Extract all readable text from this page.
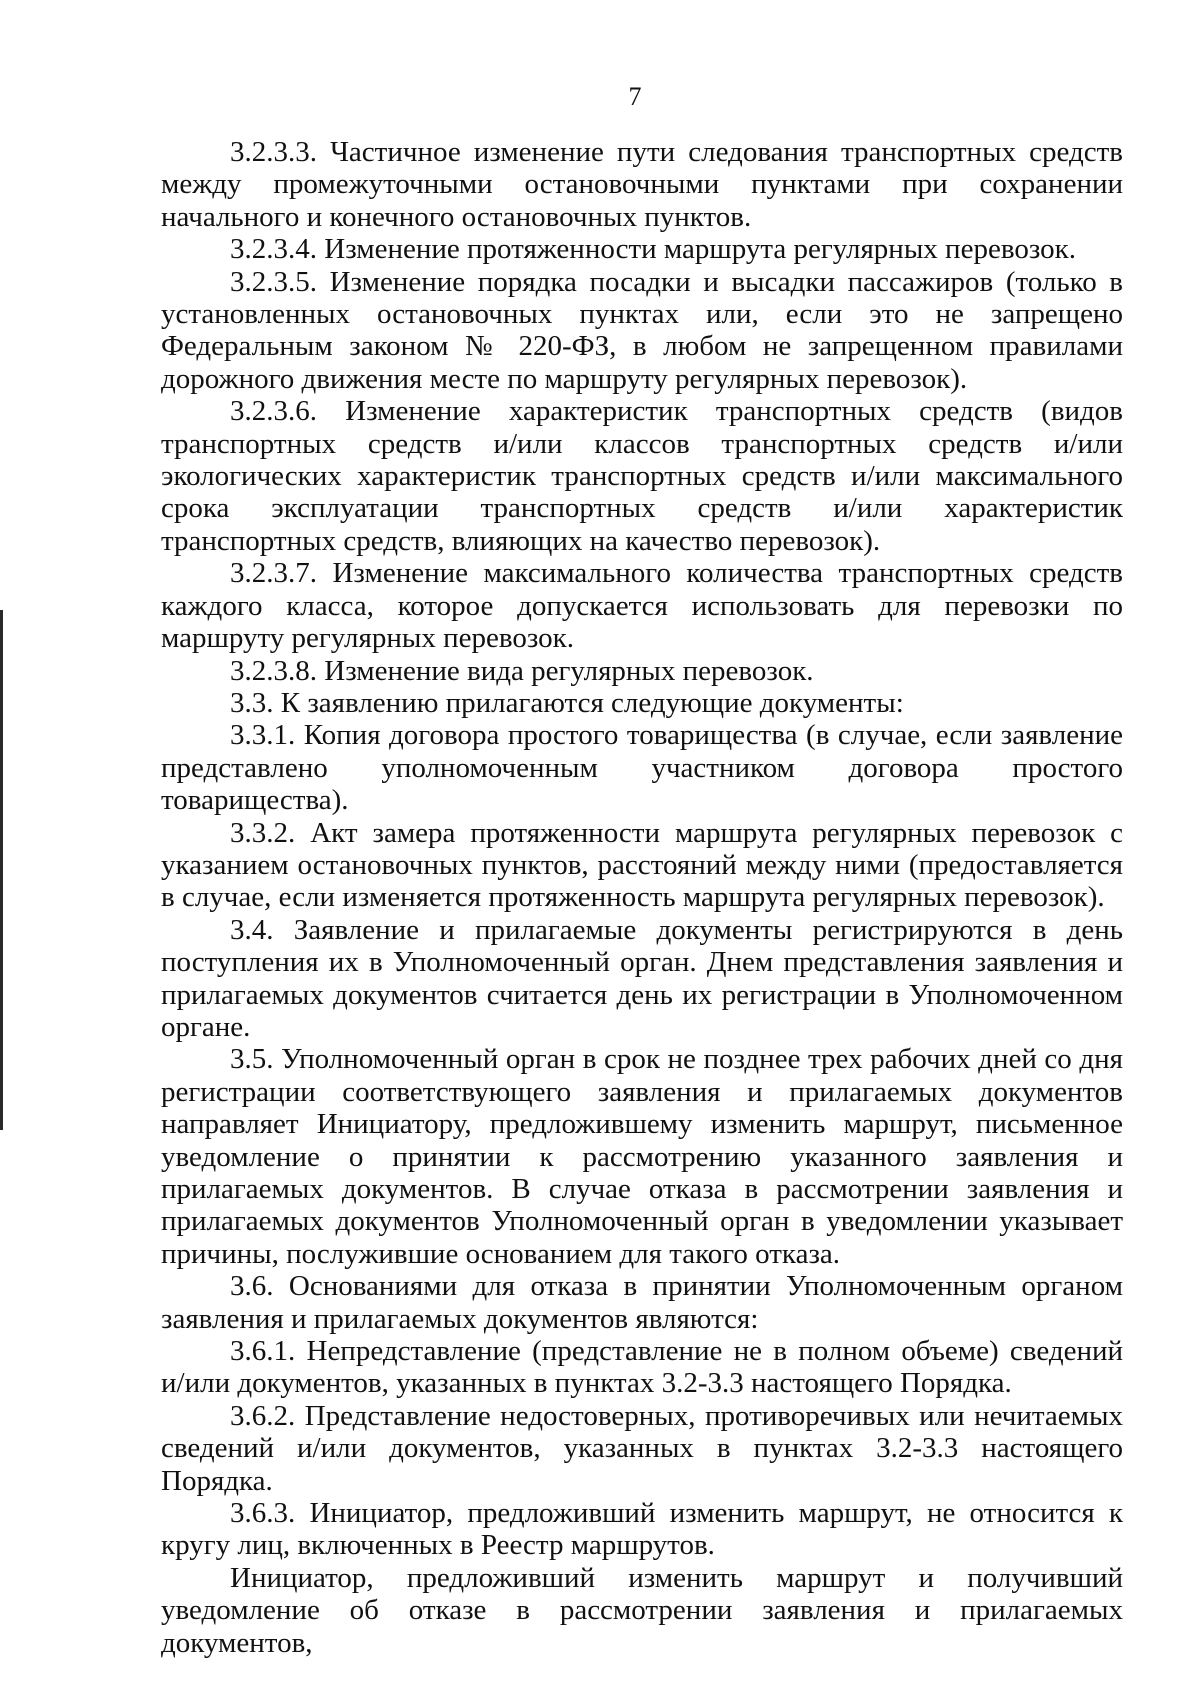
7

3.2.3.3. Частичное изменение пути следования транспортных средств между промежуточными остановочными пунктами при сохранении начального и конечного остановочных пунктов.

3.2.3.4. Изменение протяженности маршрута регулярных перевозок.

3.2.3.5. Изменение порядка посадки и высадки пассажиров (только в установленных остановочных пунктах или, если это не запрещено Федеральным законом № 220-ФЗ, в любом не запрещенном правилами дорожного движения месте по маршруту регулярных перевозок).

3.2.3.6. Изменение характеристик транспортных средств (видов транспортных средств и/или классов транспортных средств и/или экологических характеристик транспортных средств и/или максимального срока эксплуатации транспортных средств и/или характеристик транспортных средств, влияющих на качество перевозок).

3.2.3.7. Изменение максимального количества транспортных средств каждого класса, которое допускается использовать для перевозки по маршруту регулярных перевозок.

3.2.3.8. Изменение вида регулярных перевозок.

3.3. К заявлению прилагаются следующие документы:

3.3.1. Копия договора простого товарищества (в случае, если заявление представлено уполномоченным участником договора простого товарищества).

3.3.2. Акт замера протяженности маршрута регулярных перевозок с указанием остановочных пунктов, расстояний между ними (предоставляется в случае, если изменяется протяженность маршрута регулярных перевозок).

3.4. Заявление и прилагаемые документы регистрируются в день поступления их в Уполномоченный орган. Днем представления заявления и прилагаемых документов считается день их регистрации в Уполномоченном органе.

3.5. Уполномоченный орган в срок не позднее трех рабочих дней со дня регистрации соответствующего заявления и прилагаемых документов направляет Инициатору, предложившему изменить маршрут, письменное уведомление о принятии к рассмотрению указанного заявления и прилагаемых документов. В случае отказа в рассмотрении заявления и прилагаемых документов Уполномоченный орган в уведомлении указывает причины, послужившие основанием для такого отказа.

3.6. Основаниями для отказа в принятии Уполномоченным органом заявления и прилагаемых документов являются:

3.6.1. Непредставление (представление не в полном объеме) сведений и/или документов, указанных в пунктах 3.2-3.3 настоящего Порядка.

3.6.2. Представление недостоверных, противоречивых или нечитаемых сведений и/или документов, указанных в пунктах 3.2-3.3 настоящего Порядка.

3.6.3. Инициатор, предложивший изменить маршрут, не относится к кругу лиц, включенных в Реестр маршрутов.

Инициатор, предложивший изменить маршрут и получивший уведомление об отказе в рассмотрении заявления и прилагаемых документов,
